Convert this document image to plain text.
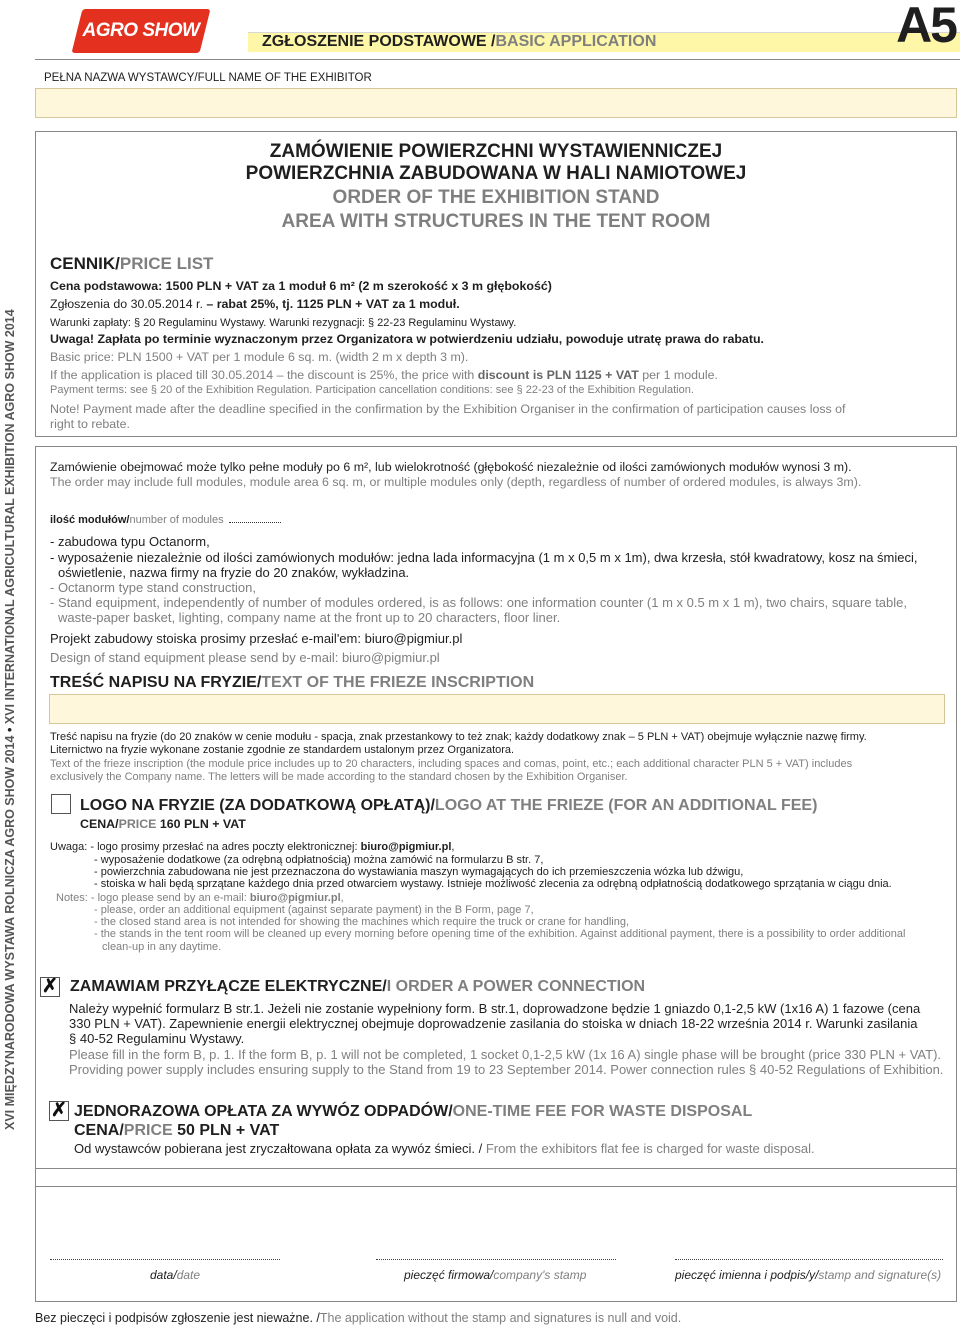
AGRO SHOW
ZGŁOSZENIE PODSTAWOWE /BASIC APPLICATION	A5
PEŁNA NAZWA WYSTAWCY/FULL NAME OF THE EXHIBITOR
XVI MIĘDZYNARODOWA WYSTAWA ROLNICZA AGRO SHOW 2014 • XVI INTERNATIONAL AGRICULTURAL EXHIBITION AGRO SHOW 2014
ZAMÓWIENIE POWIERZCHNI WYSTAWIENNICZEJ
POWIERZCHNIA ZABUDOWANA W HALI NAMIOTOWEJ
ORDER OF THE EXHIBITION STAND
AREA WITH STRUCTURES IN THE TENT ROOM
CENNIK/PRICE LIST
Cena podstawowa: 1500 PLN + VAT za 1 moduł 6 m² (2 m szerokość x 3 m głębokość)
Zgłoszenia do 30.05.2014 r. – rabat 25%, tj. 1125 PLN + VAT za 1 moduł.
Warunki zapłaty: § 20 Regulaminu Wystawy. Warunki rezygnacji: § 22-23 Regulaminu Wystawy.
Uwaga! Zapłata po terminie wyznaczonym przez Organizatora w potwierdzeniu udziału, powoduje utratę prawa do rabatu.
Basic price: PLN 1500 + VAT per 1 module 6 sq. m. (width 2 m x depth 3 m).
If the application is placed till 30.05.2014 – the discount is 25%, the price with discount is PLN 1125 + VAT per 1 module.
Payment terms: see § 20 of the Exhibition Regulation. Participation cancellation conditions: see § 22-23 of the Exhibition Regulation.
Note! Payment made after the deadline specified in the confirmation by the Exhibition Organiser in the confirmation of participation causes loss of
right to rebate.
Zamówienie obejmować może tylko pełne moduły po 6 m², lub wielokrotność (głębokość niezależnie od ilości zamówionych modułów wynosi 3 m).
The order may include full modules, module area 6 sq. m, or multiple modules only (depth, regardless of number of ordered modules, is always 3m).
ilość modułów/number of modules
- zabudowa typu Octanorm,
- wyposażenie niezależnie od ilości zamówionych modułów: jedna lada informacyjna (1 m x 0,5 m x 1m), dwa krzesła, stół kwadratowy, kosz na śmieci,
oświetlenie, nazwa firmy na fryzie do 20 znaków, wykładzina.
- Octanorm type stand construction,
- Stand equipment, independently of number of modules ordered, is as follows: one information counter (1 m x 0.5 m x 1 m), two chairs, square table,
waste-paper basket, lighting, company name at the front up to 20 characters, floor liner.
Projekt zabudowy stoiska prosimy przesłać e-mail'em: biuro@pigmiur.pl
Design of stand equipment please send by e-mail: biuro@pigmiur.pl
TREŚĆ NAPISU NA FRYZIE/TEXT OF THE FRIEZE INSCRIPTION
Treść napisu na fryzie (do 20 znaków w cenie modułu - spacja, znak przestankowy to też znak; każdy dodatkowy znak – 5 PLN + VAT) obejmuje wyłącznie nazwę firmy.
Liternictwo na fryzie wykonane zostanie zgodnie ze standardem ustalonym przez Organizatora.
Text of the frieze inscription (the module price includes up to 20 characters, including spaces and comas, point, etc.; each additional character PLN 5 + VAT) includes
exclusively the Company name. The letters will be made according to the standard chosen by the Exhibition Organiser.
LOGO NA FRYZIE (ZA DODATKOWĄ OPŁATĄ)/LOGO AT THE FRIEZE (FOR AN ADDITIONAL FEE)
CENA/PRICE 160 PLN + VAT
Uwaga: - logo prosimy przesłać na adres poczty elektronicznej: biuro@pigmiur.pl,
- wyposażenie dodatkowe (za odrębną odpłatnością) można zamówić na formularzu B str. 7,
- powierzchnia zabudowana nie jest przeznaczona do wystawiania maszyn wymagających do ich przemieszczenia wózka lub dźwigu,
- stoiska w hali będą sprzątane każdego dnia przed otwarciem wystawy. Istnieje możliwość zlecenia za odrębną odpłatnością dodatkowego sprzątania w ciągu dnia.
Notes: - logo please send by an e-mail: biuro@pigmiur.pl,
- please, order an additional equipment (against separate payment) in the B Form, page 7,
- the closed stand area is not intended for showing the machines which require the truck or crane for handling,
- the stands in the tent room will be cleaned up every morning before opening time of the exhibition. Against additional payment, there is a possibility to order additional
clean-up in any daytime.
✗ ZAMAWIAM PRZYŁĄCZE ELEKTRYCZNE/I ORDER A POWER CONNECTION
Należy wypełnić formularz B str.1. Jeżeli nie zostanie wypełniony form. B str.1, doprowadzone będzie 1 gniazdo 0,1-2,5 kW (1x16 A) 1 fazowe (cena
330 PLN + VAT). Zapewnienie energii elektrycznej obejmuje doprowadzenie zasilania do stoiska w dniach 18-22 września 2014 r. Warunki zasilania
§ 40-52 Regulaminu Wystawy.
Please fill in the form B, p. 1. If the form B, p. 1 will not be completed, 1 socket 0,1-2,5 kW (1x 16 A) single phase will be brought (price 330 PLN + VAT).
Providing power supply includes ensuring supply to the Stand from 19 to 23 September 2014. Power connection rules § 40-52 Regulations of Exhibition.
✗ JEDNORAZOWA OPŁATA ZA WYWÓZ ODPADÓW/ONE-TIME FEE FOR WASTE DISPOSAL
CENA/PRICE 50 PLN + VAT
Od wystawców pobierana jest zryczałtowana opłata za wywóz śmieci. / From the exhibitors flat fee is charged for waste disposal.
data/date	pieczęć firmowa/company's stamp	pieczęć imienna i podpis/y/stamp and signature(s)
Bez pieczęci i podpisów zgłoszenie jest nieważne. /The application without the stamp and signatures is null and void.
